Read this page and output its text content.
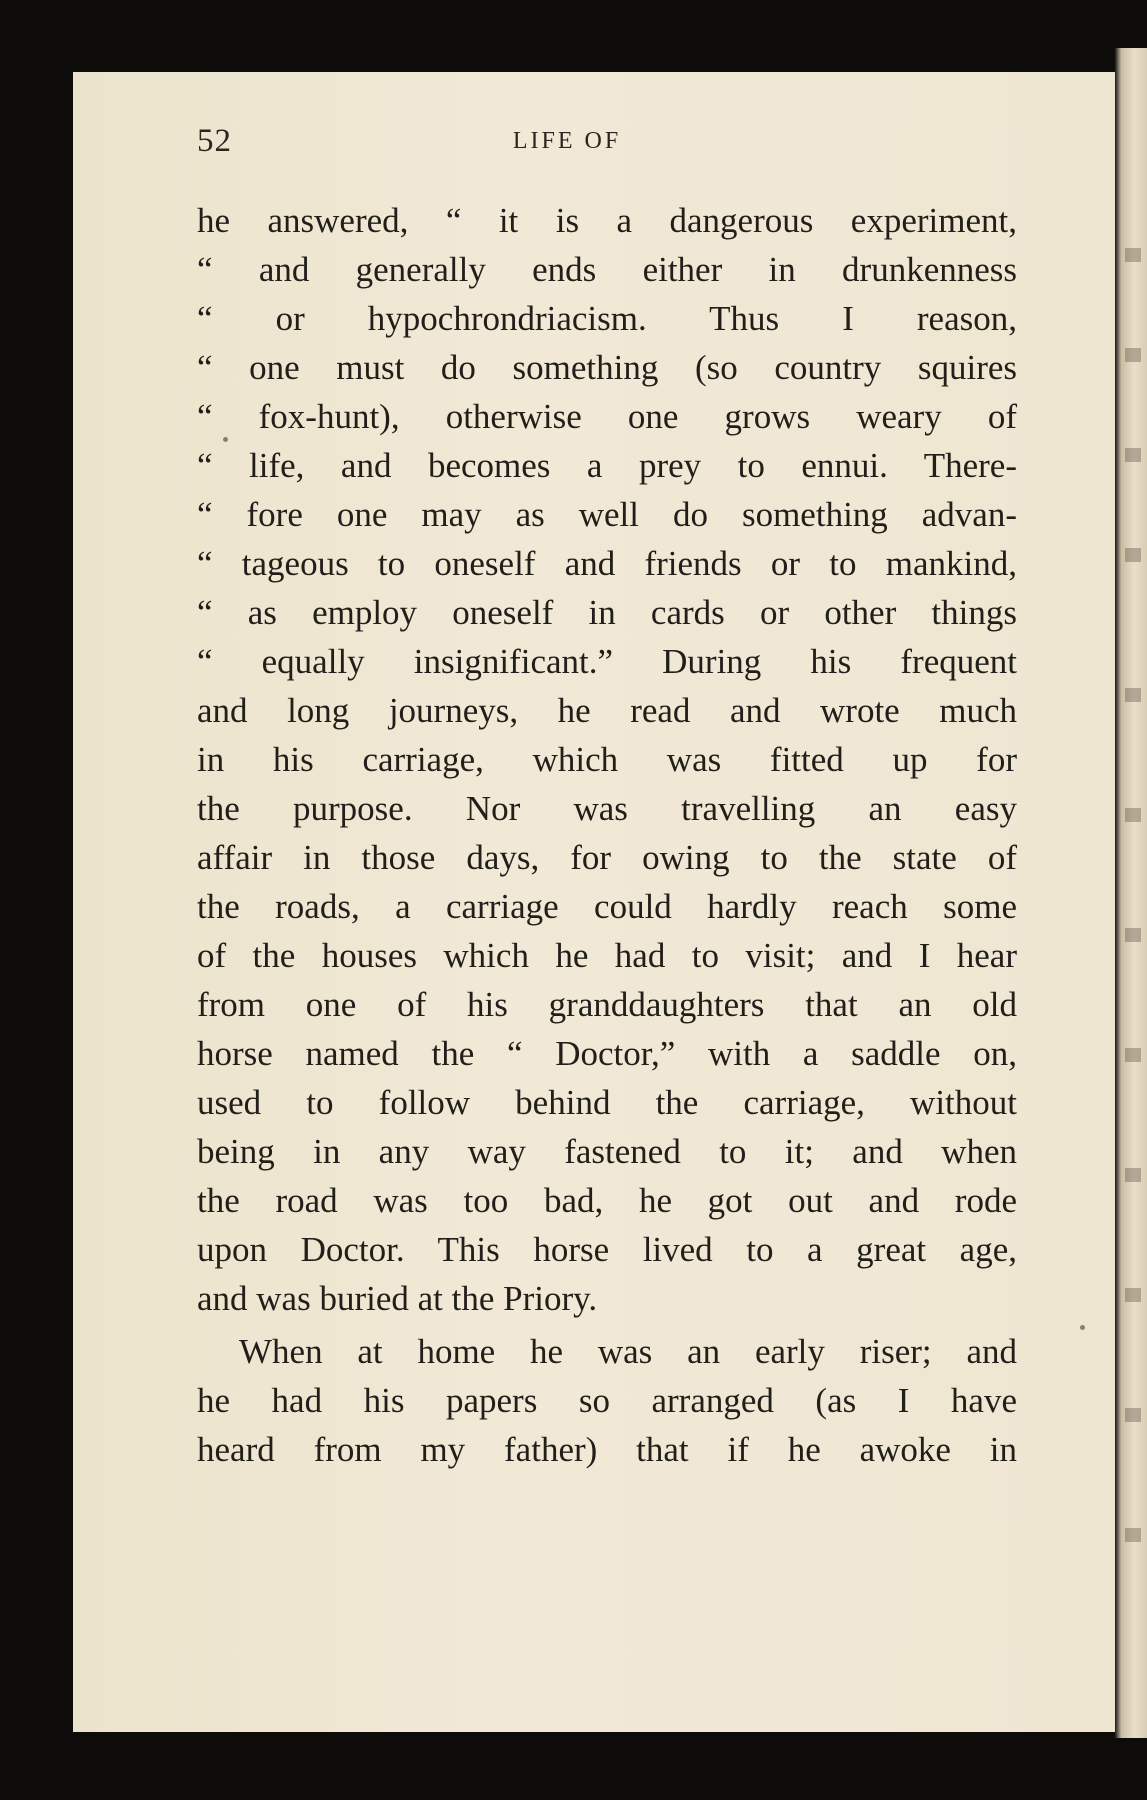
52	LIFE OF
he answered, “ it is a dangerous experiment,
“ and generally ends either in drunkenness
“ or hypochrondriacism. Thus I reason,
“ one must do something (so country squires
“ fox-hunt), otherwise one grows weary of
“ life, and becomes a prey to ennui. There-
“ fore one may as well do something advan-
“ tageous to oneself and friends or to mankind,
“ as employ oneself in cards or other things
“ equally insignificant.” During his frequent
and long journeys, he read and wrote much
in his carriage, which was fitted up for
the purpose. Nor was travelling an easy
affair in those days, for owing to the state of
the roads, a carriage could hardly reach some
of the houses which he had to visit; and I hear
from one of his granddaughters that an old
horse named the “ Doctor,” with a saddle on,
used to follow behind the carriage, without
being in any way fastened to it; and when
the road was too bad, he got out and rode
upon Doctor. This horse lived to a great age,
and was buried at the Priory.
When at home he was an early riser; and
he had his papers so arranged (as I have
heard from my father) that if he awoke in
